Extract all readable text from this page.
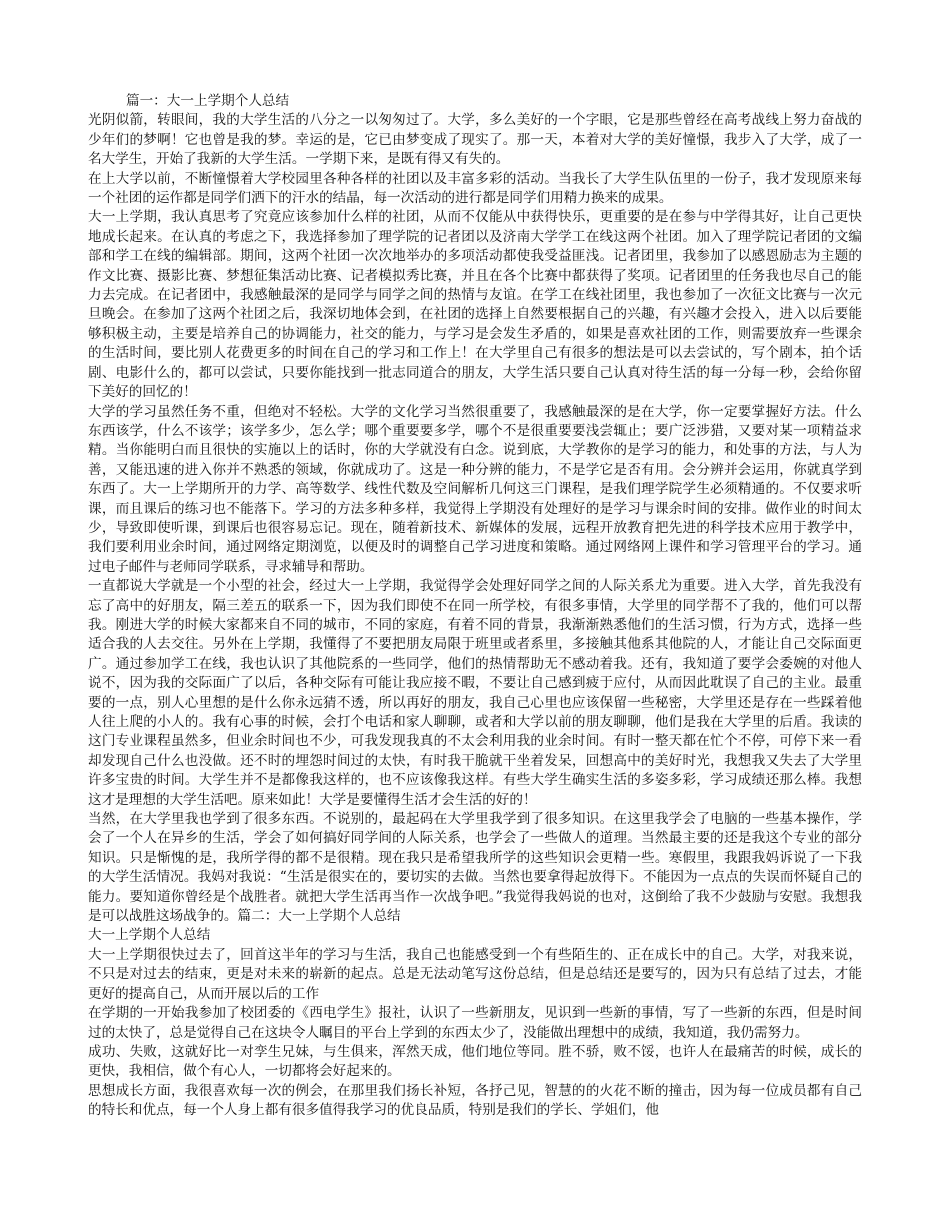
篇一：大一上学期个人总结

光阴似箭，转眼间，我的大学生活的八分之一以匆匆过了。大学，多么美好的一个字眼，它是那些曾经在高考战线上努力奋战的少年们的梦啊！它也曾是我的梦。幸运的是，它已由梦变成了现实了。那一天，本着对大学的美好憧憬，我步入了大学，成了一名大学生，开始了我新的大学生活。一学期下来，是既有得又有失的。

在上大学以前，不断憧憬着大学校园里各种各样的社团以及丰富多彩的活动。当我长了大学生队伍里的一份子，我才发现原来每一个社团的运作都是同学们洒下的汗水的结晶，每一次活动的进行都是同学们用精力换来的成果。

大一上学期，我认真思考了究竟应该参加什么样的社团，从而不仅能从中获得快乐，更重要的是在参与中学得其好，让自己更快地成长起来。在认真的考虑之下，我选择参加了理学院的记者团以及济南大学学工在线这两个社团。加入了理学院记者团的文编部和学工在线的编辑部。期间，这两个社团一次次地举办的多项活动都使我受益匪浅。记者团里，我参加了以感恩励志为主题的作文比赛、摄影比赛、梦想征集活动比赛、记者模拟秀比赛，并且在各个比赛中都获得了奖项。记者团里的任务我也尽自己的能力去完成。在记者团中，我感触最深的是同学与同学之间的热情与友谊。在学工在线社团里，我也参加了一次征文比赛与一次元旦晚会。在参加了这两个社团之后，我深切地体会到，在社团的选择上自然要根据自己的兴趣，有兴趣才会投入，进入以后要能够积极主动，主要是培养自己的协调能力，社交的能力，与学习是会发生矛盾的，如果是喜欢社团的工作，则需要放弃一些课余的生活时间，要比别人花费更多的时间在自己的学习和工作上！在大学里自己有很多的想法是可以去尝试的，写个剧本，拍个话剧、电影什么的，都可以尝试，只要你能找到一批志同道合的朋友，大学生活只要自己认真对待生活的每一分每一秒，会给你留下美好的回忆的！

大学的学习虽然任务不重，但绝对不轻松。大学的文化学习当然很重要了，我感触最深的是在大学，你一定要掌握好方法。什么东西该学，什么不该学；该学多少，怎么学；哪个重要要多学，哪个不是很重要要浅尝辄止；要广泛涉猎，又要对某一项精益求精。当你能明白而且很快的实施以上的话时，你的大学就没有白念。说到底，大学教你的是学习的能力，和处事的方法，与人为善，又能迅速的进入你并不熟悉的领域，你就成功了。这是一种分辨的能力，不是学它是否有用。会分辨并会运用，你就真学到东西了。大一上学期所开的力学、高等数学、线性代数及空间解析几何这三门课程，是我们理学院学生必须精通的。不仅要求听课，而且课后的练习也不能落下。学习的方法多种多样，我觉得上学期没有处理好的是学习与课余时间的安排。做作业的时间太少，导致即使听课，到课后也很容易忘记。现在，随着新技术、新媒体的发展，远程开放教育把先进的科学技术应用于教学中，我们要利用业余时间，通过网络定期浏览，以便及时的调整自己学习进度和策略。通过网络网上课件和学习管理平台的学习。通过电子邮件与老师同学联系，寻求辅导和帮助。

一直都说大学就是一个小型的社会，经过大一上学期，我觉得学会处理好同学之间的人际关系尤为重要。进入大学，首先我没有忘了高中的好朋友，隔三差五的联系一下，因为我们即使不在同一所学校，有很多事情，大学里的同学帮不了我的，他们可以帮我。刚进大学的时候大家都来自不同的城市，不同的家庭，有着不同的背景，我渐渐熟悉他们的生活习惯，行为方式，选择一些适合我的人去交往。另外在上学期，我懂得了不要把朋友局限于班里或者系里，多接触其他系其他院的人，才能让自己交际面更广。通过参加学工在线，我也认识了其他院系的一些同学，他们的热情帮助无不感动着我。还有，我知道了要学会委婉的对他人说不，因为我的交际面广了以后，各种交际有可能让我应接不暇，不要让自己感到疲于应付，从而因此耽误了自己的主业。最重要的一点，别人心里想的是什么你永远猜不透，所以再好的朋友，我自己心里也应该保留一些秘密，大学里还是存在一些踩着他人往上爬的小人的。我有心事的时候，会打个电话和家人聊聊，或者和大学以前的朋友聊聊，他们是我在大学里的后盾。我读的这门专业课程虽然多，但业余时间也不少，可我发现我真的不太会利用我的业余时间。有时一整天都在忙个不停，可停下来一看却发现自己什么也没做。还不时的埋怨时间过的太快，有时我干脆就干坐着发呆，回想高中的美好时光，我想我又失去了大学里许多宝贵的时间。大学生并不是都像我这样的，也不应该像我这样。有些大学生确实生活的多姿多彩，学习成绩还那么棒。我想这才是理想的大学生活吧。原来如此！大学是要懂得生活才会生活的好的！

当然，在大学里我也学到了很多东西。不说别的，最起码在大学里我学到了很多知识。在这里我学会了电脑的一些基本操作，学会了一个人在异乡的生活，学会了如何搞好同学间的人际关系，也学会了一些做人的道理。当然最主要的还是我这个专业的部分知识。只是惭愧的是，我所学得的都不是很精。现在我只是希望我所学的这些知识会更精一些。寒假里，我跟我妈诉说了一下我的大学生活情况。我妈对我说：“生活是很实在的，要切实的去做。当然也要拿得起放得下。不能因为一点点的失误而怀疑自己的能力。要知道你曾经是个战胜者。就把大学生活再当作一次战争吧。”我觉得我妈说的也对，这倒给了我不少鼓励与安慰。我想我是可以战胜这场战争的。篇二：大一上学期个人总结

大一上学期个人总结

大一上学期很快过去了，回首这半年的学习与生活，我自己也能感受到一个有些陌生的、正在成长中的自己。大学，对我来说，不只是对过去的结束，更是对未来的崭新的起点。总是无法动笔写这份总结，但是总结还是要写的，因为只有总结了过去，才能更好的提高自己，从而开展以后的工作

在学期的一开始我参加了校团委的《西电学生》报社，认识了一些新朋友，见识到一些新的事情，写了一些新的东西，但是时间过的太快了，总是觉得自己在这块令人瞩目的平台上学到的东西太少了，没能做出理想中的成绩，我知道，我仍需努力。

成功、失败，这就好比一对孪生兄妹，与生俱来，浑然天成，他们地位等同。胜不骄，败不馁，也许人在最痛苦的时候，成长的更快，我相信，做个有心人，一切都将会好起来的。

思想成长方面，我很喜欢每一次的例会，在那里我们扬长补短，各抒己见，智慧的的火花不断的撞击，因为每一位成员都有自己的特长和优点，每一个人身上都有很多值得我学习的优良品质，特别是我们的学长、学姐们，他
